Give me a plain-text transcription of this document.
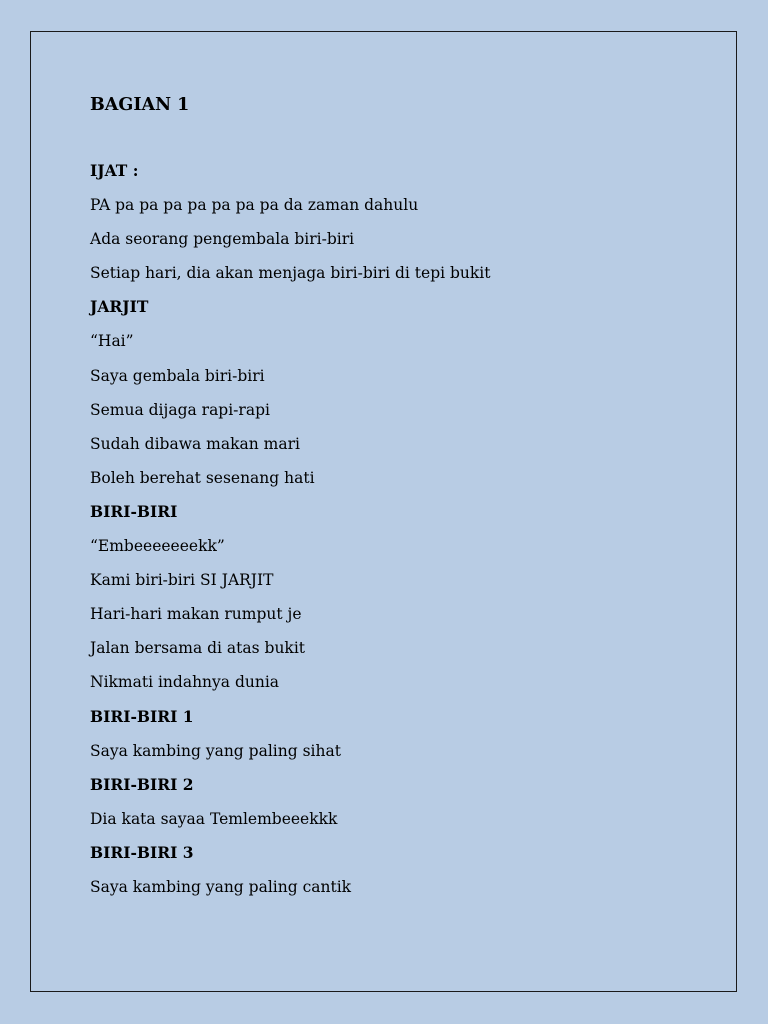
BAGIAN 1
IJAT :
PA pa pa pa pa pa pa pa da zaman dahulu
Ada seorang pengembala biri-biri
Setiap hari, dia akan menjaga biri-biri di tepi bukit
JARJIT
“Hai”
Saya gembala biri-biri
Semua dijaga rapi-rapi
Sudah dibawa makan mari
Boleh berehat sesenang hati
BIRI-BIRI
“Embeeeeeeekk”
Kami biri-biri SI JARJIT
Hari-hari makan rumput je
Jalan bersama di atas bukit
Nikmati indahnya dunia
BIRI-BIRI 1
Saya kambing yang paling sihat
BIRI-BIRI 2
Dia kata sayaa Temlembeeekkk
BIRI-BIRI 3
Saya kambing yang paling cantik
